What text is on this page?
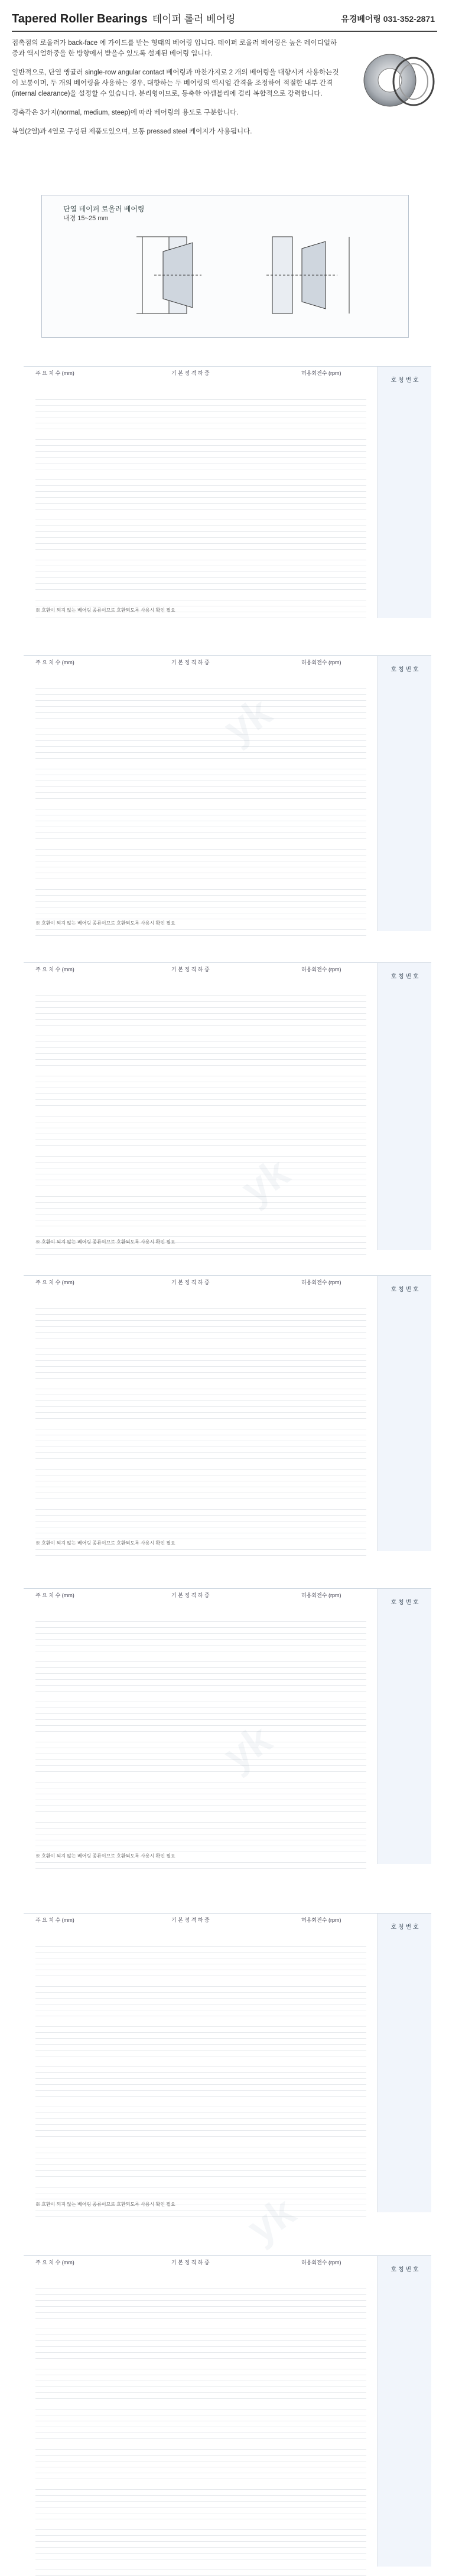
Tapered Roller Bearings 테이퍼 롤러 베어링	유경베어링 031-352-2871

접촉점의 로울러가 back-face 에 가이드를 받는 형태의 베어링 입니다. 테이퍼 로울러 베어링은 높은 레이디얼하중과 액시얼하중을 한 방향에서 받을수 있도록 설계된 베어링 입니다.

일반적으로, 단열 앵귤러 single-row angular contact 베어링과 마찬가지로 2 개의 베어링을 대향시켜 사용하는것이 보통이며, 두 개의 베어링을 사용하는 경우, 대향하는 두 베어링의 액시얼 간격을 조정하여 적절한 내부 간격(internal clearance)을 설정할 수 있습니다. 분리형이므로, 등축한 아셈블리에 걸리 복합적으로 강력합니다.

경축각은 3가지(normal, medium, steep)에 따라 베어링의 용도로 구분합니다.

복열(2열)과 4열로 구성된 제품도있으며, 보통 pressed steel 케이지가 사용됩니다.

단열 테이퍼 로울러 베어링
내경 15~25 mm
yk
yk
yk
yk
호 칭 번 호
주 요 치 수 (mm)	기 본 정 격 하 중	허용회전수 (rpm)
※ 호환이 되지 않는 베어링 종류이므로 호환되도록 사용시 확인 필요
호 칭 번 호
주 요 치 수 (mm)	기 본 정 격 하 중	허용회전수 (rpm)
※ 호환이 되지 않는 베어링 종류이므로 호환되도록 사용시 확인 필요
호 칭 번 호
주 요 치 수 (mm)	기 본 정 격 하 중	허용회전수 (rpm)
※ 호환이 되지 않는 베어링 종류이므로 호환되도록 사용시 확인 필요
호 칭 번 호
주 요 치 수 (mm)	기 본 정 격 하 중	허용회전수 (rpm)
※ 호환이 되지 않는 베어링 종류이므로 호환되도록 사용시 확인 필요
호 칭 번 호
주 요 치 수 (mm)	기 본 정 격 하 중	허용회전수 (rpm)
※ 호환이 되지 않는 베어링 종류이므로 호환되도록 사용시 확인 필요
호 칭 번 호
주 요 치 수 (mm)	기 본 정 격 하 중	허용회전수 (rpm)
※ 호환이 되지 않는 베어링 종류이므로 호환되도록 사용시 확인 필요
호 칭 번 호
주 요 치 수 (mm)	기 본 정 격 하 중	허용회전수 (rpm)
